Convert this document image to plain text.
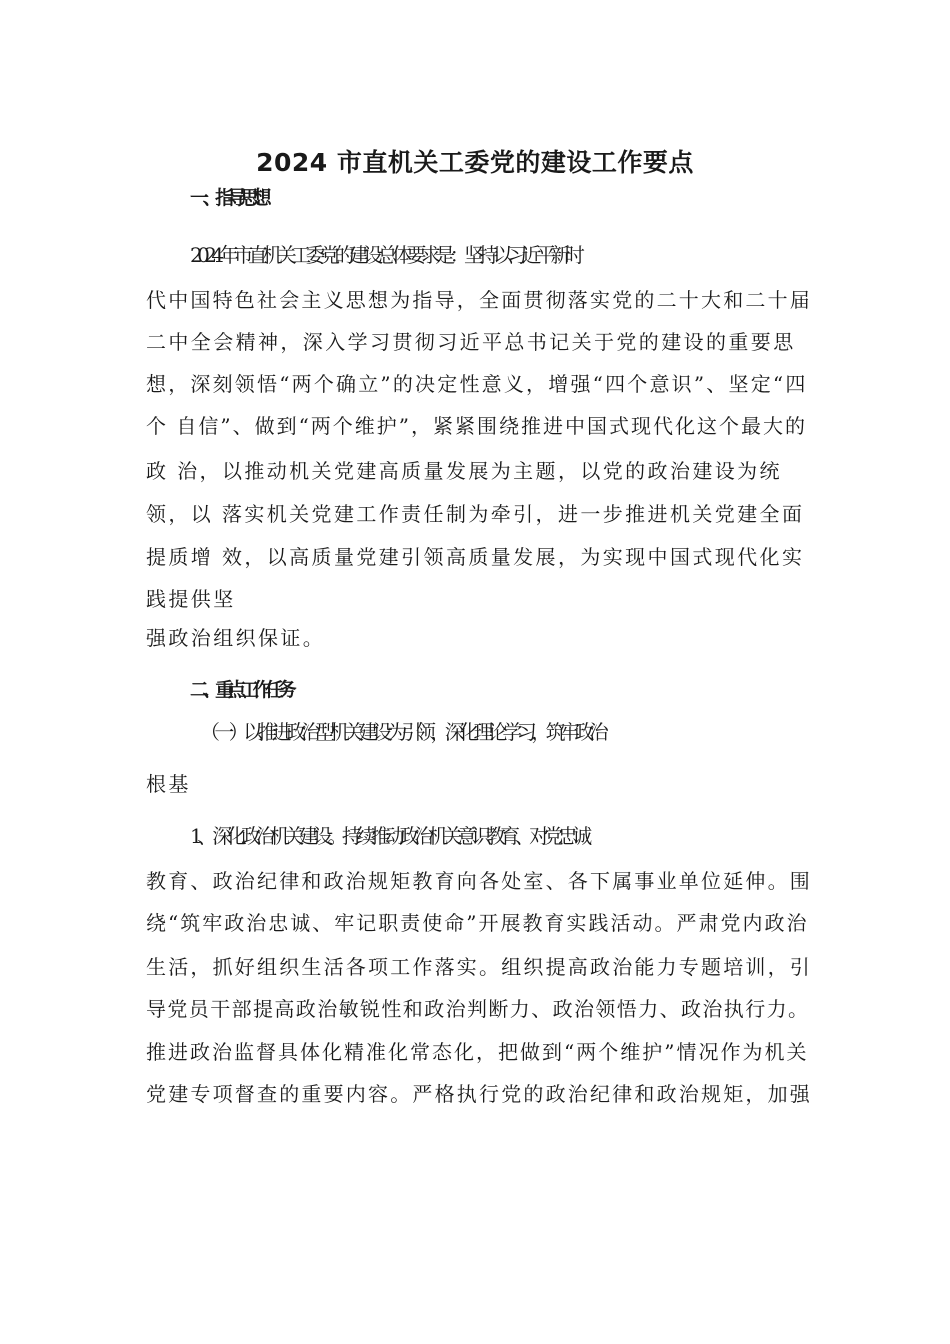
2024 市直机关工委党的建设工作要点
一 、指导思想
2024 年市直机关工委党的建设总体要求是：坚持以习近平新时
代中国特色社会主义思想为指导，全面贯彻落实党的二十大和二十届
二中全会精神，深入学习贯彻习近平总书记关于党的建设的重要思
想，深刻领悟“两个确立”的决定性意义，增强“四个意识”、坚定“四
个 自信”、做到“两个维护”，紧紧围绕推进中国式现代化这个最大的
政 治，以推动机关党建高质量发展为主题，以党的政治建设为统
领，以 落实机关党建工作责任制为牵引，进一步推进机关党建全面
提质增 效，以高质量党建引领高质量发展，为实现中国式现代化实
践提供坚
强政治组织保证。
二、 重点工作任务
（一）以推进政治型机关建设为引领，深化理论学习，筑牢政治
根基
1、 深化政治机关建设。持续推动政治机关意识教育、对党忠诚
教育、政治纪律和政治规矩教育向各处室、各下属事业单位延伸。围
绕“筑牢政治忠诚、牢记职责使命”开展教育实践活动。严肃党内政治
生活，抓好组织生活各项工作落实。组织提高政治能力专题培训，引
导党员干部提高政治敏锐性和政治判断力、政治领悟力、政治执行力。
推进政治监督具体化精准化常态化，把做到“两个维护”情况作为机关
党建专项督查的重要内容。严格执行党的政治纪律和政治规矩，加强
